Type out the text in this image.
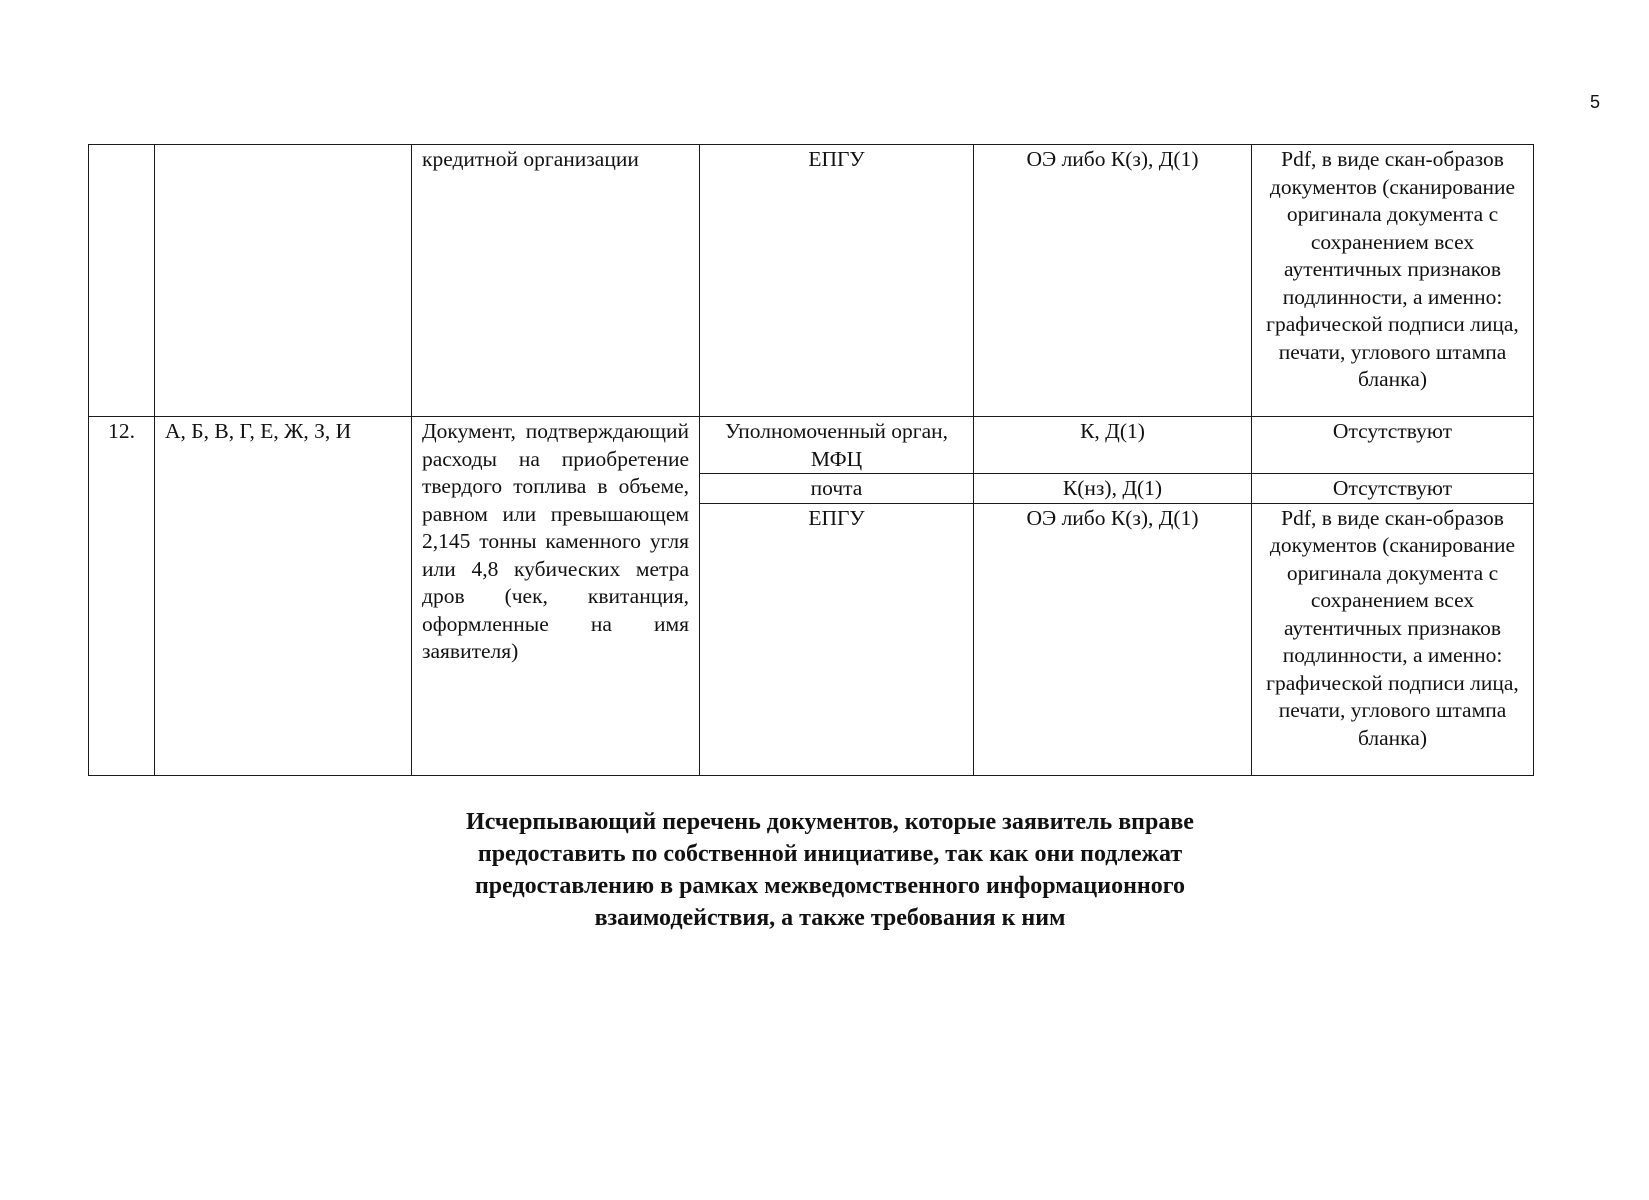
5
		кредитной организации	ЕПГУ	ОЭ либо К(з), Д(1)	Pdf, в виде скан-образов документов (сканирование оригинала документа с сохранением всех аутентичных признаков подлинности, а именно: графической подписи лица, печати, углового штампа бланка)
12.	А, Б, В, Г, Е, Ж, З, И	Документ, подтверждающий расходы на приобретение твердого топлива в объеме, равном или превышающем 2,145 тонны каменного угля или 4,8 кубических метра дров (чек, квитанция, оформленные на имя заявителя)	Уполномоченный орган, МФЦ	К, Д(1)	Отсутствуют
			почта	К(нз), Д(1)	Отсутствуют
			ЕПГУ	ОЭ либо К(з), Д(1)	Pdf, в виде скан-образов документов (сканирование оригинала документа с сохранением всех аутентичных признаков подлинности, а именно: графической подписи лица, печати, углового штампа бланка)
Исчерпывающий перечень документов, которые заявитель вправе
предоставить по собственной инициативе, так как они подлежат
предоставлению в рамках межведомственного информационного
взаимодействия, а также требования к ним
